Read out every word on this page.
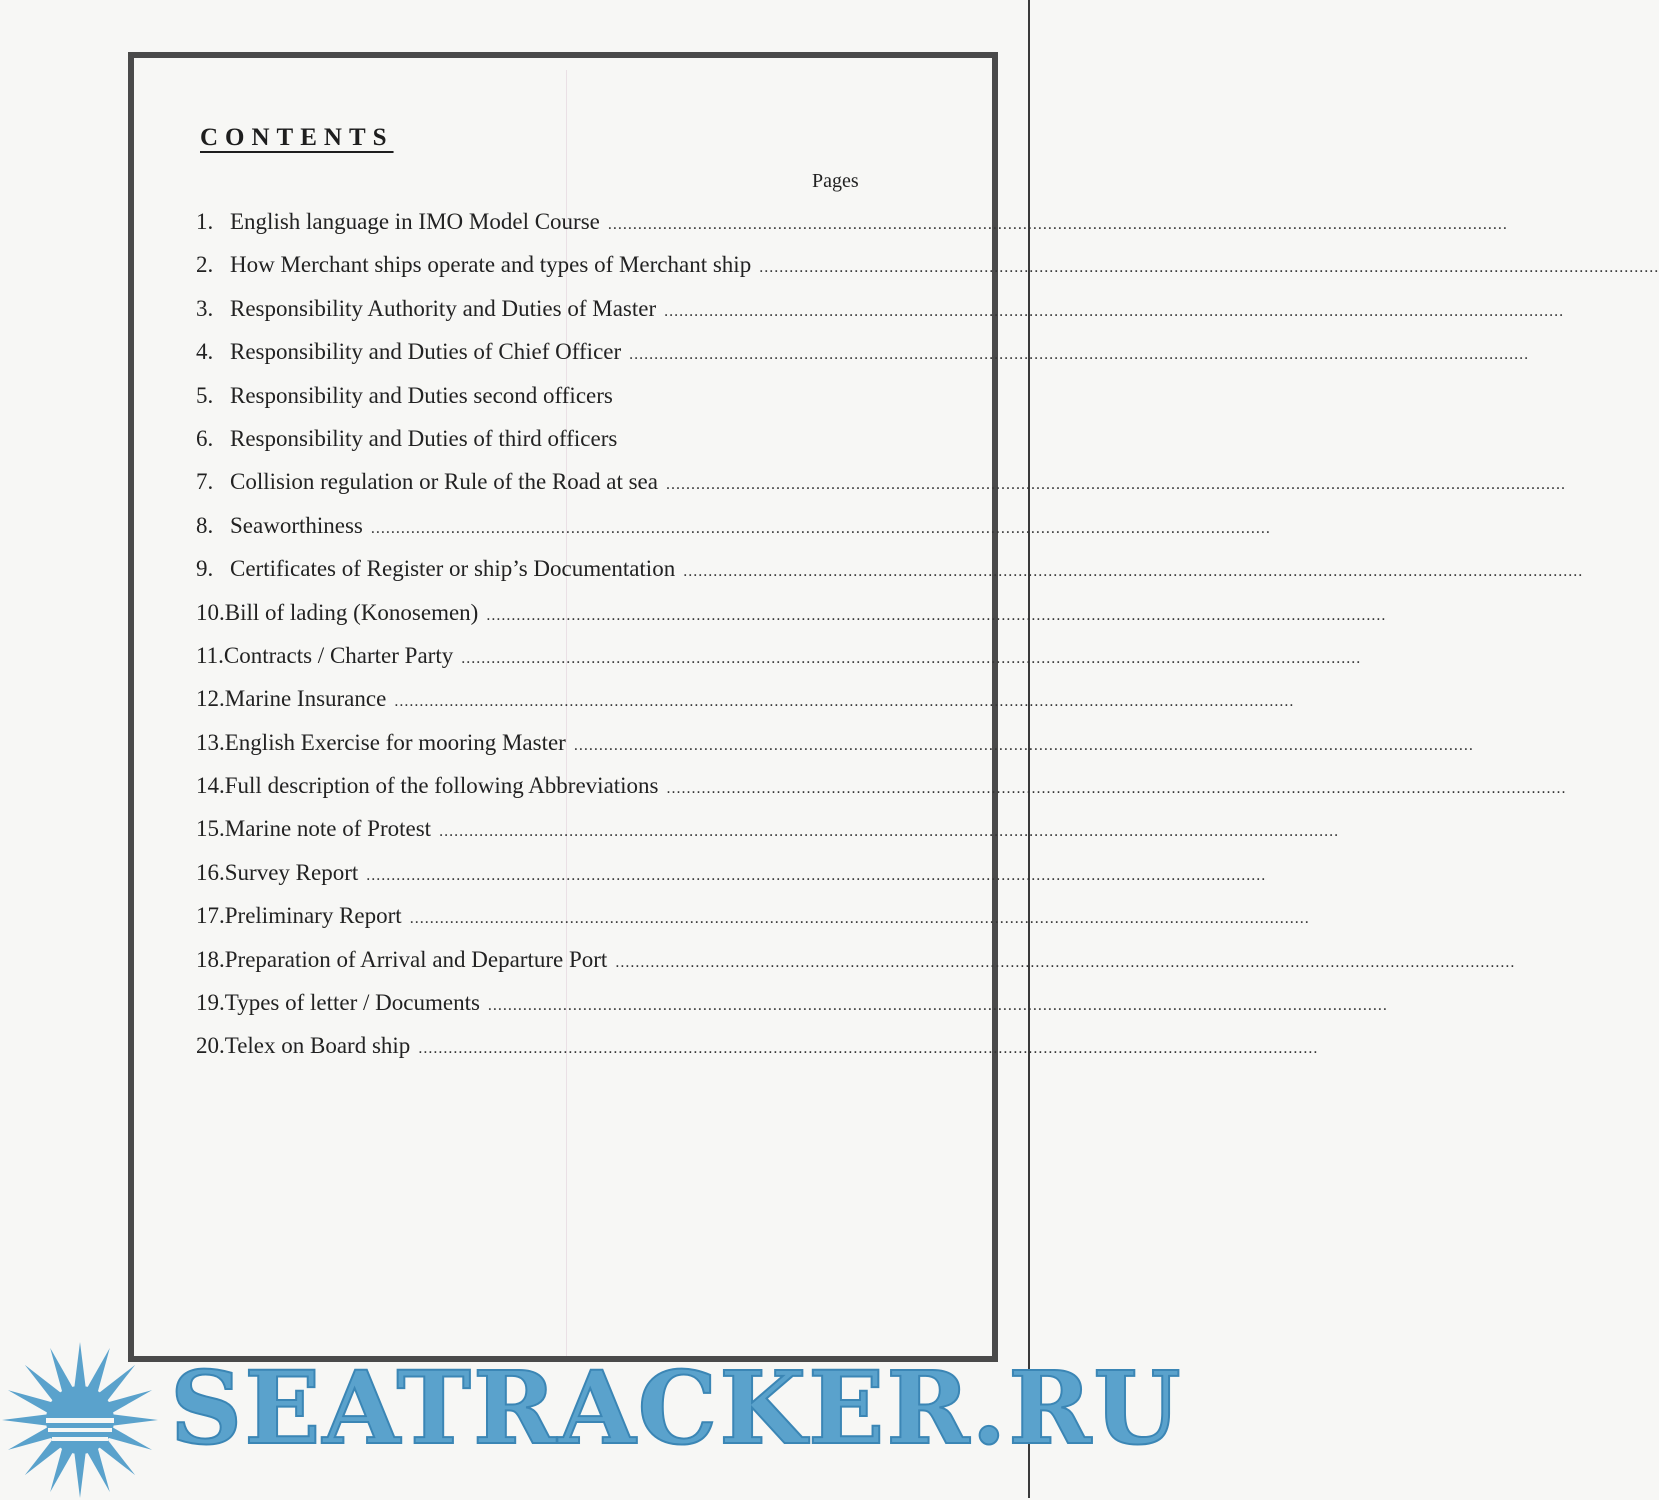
CONTENTS
Pages
1. English language in IMO Model Course
.....
2. How Merchant ships operate and types of Merchant ship
.....
3. Responsibility Authority and Duties of Master
.....
4. Responsibility and Duties of Chief Officer
.....
5. Responsibility and Duties second officers
6. Responsibility and Duties of third officers
7. Collision regulation or Rule of the Road at sea
.....
8. Seaworthiness
.....
9. Certificates of Register or ship’s Documentation
.....
10. Bill of lading (Konosemen)
.....
11. Contracts / Charter Party
.....
12. Marine Insurance
.....
13. English Exercise for mooring Master
.....
14. Full description of the following Abbreviations
.....
15. Marine note of Protest
.....
16. Survey Report
.....
17. Preliminary Report
.....
18. Preparation of Arrival and Departure Port
.....
19. Types of letter / Documents
.....
20. Telex on Board ship
.....
SEATRACKER.RU
